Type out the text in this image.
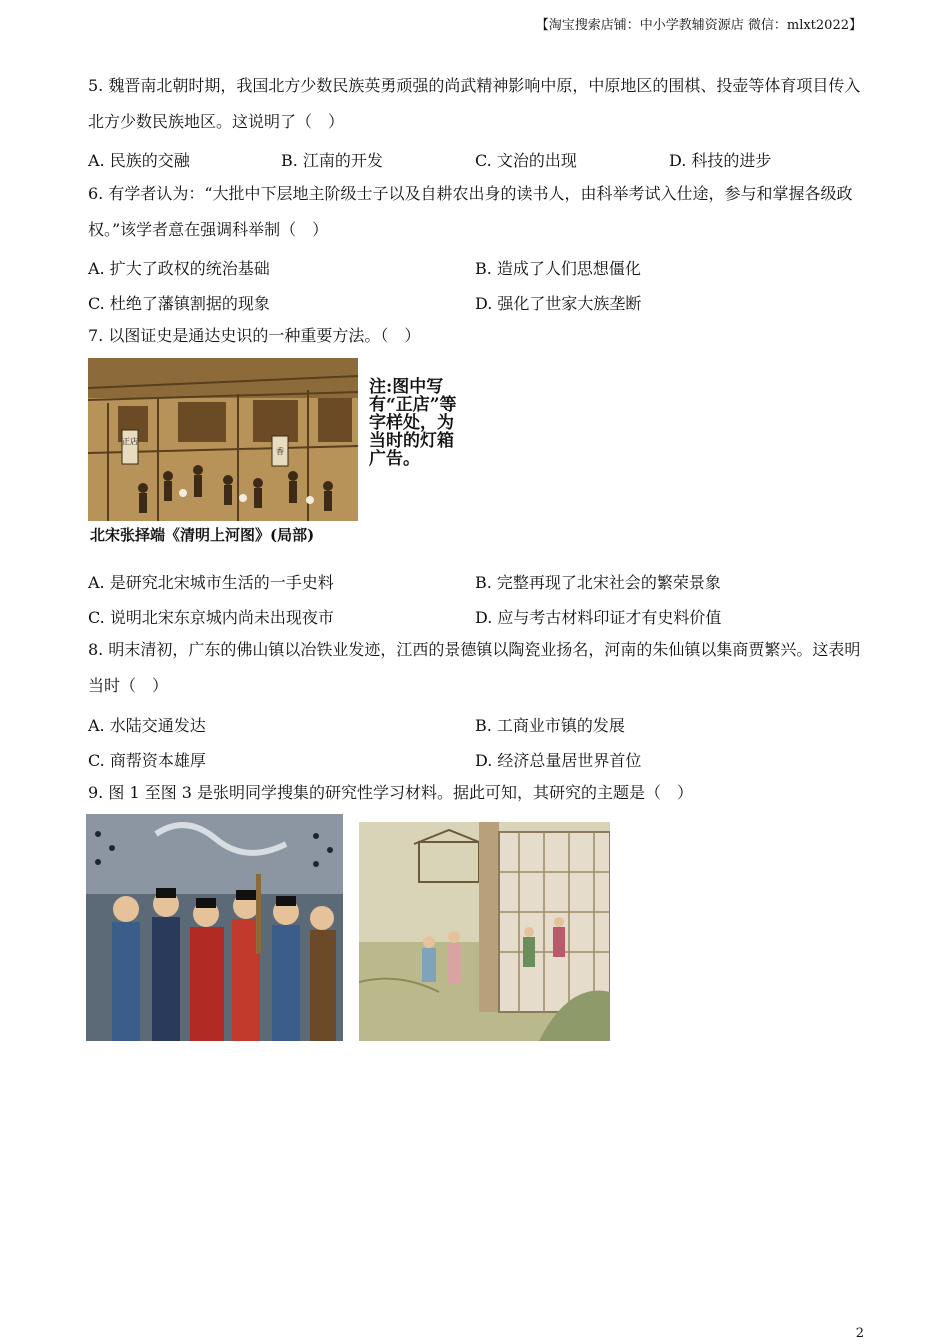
【淘宝搜索店铺：中小学教辅资源店 微信：mlxt2022】
5. 魏晋南北朝时期，我国北方少数民族英勇顽强的尚武精神影响中原，中原地区的围棋、投壶等体育项目传入北方少数民族地区。这说明了（　）
A. 民族的交融	B. 江南的开发	C. 文治的出现	D. 科技的进步
6. 有学者认为：“大批中下层地主阶级士子以及自耕农出身的读书人，由科举考试入仕途，参与和掌握各级政权。”该学者意在强调科举制（　）
A. 扩大了政权的统治基础	B. 造成了人们思想僵化
C. 杜绝了藩镇割据的现象	D. 强化了世家大族垄断
7. 以图证史是通达史识的一种重要方法。（　）
正店
香
注:图中写有“正店”等字样处，为当时的灯箱广告。
北宋张择端《清明上河图》(局部)
A. 是研究北宋城市生活的一手史料	B. 完整再现了北宋社会的繁荣景象
C. 说明北宋东京城内尚未出现夜市	D. 应与考古材料印证才有史料价值
8. 明末清初，广东的佛山镇以冶铁业发迹，江西的景德镇以陶瓷业扬名，河南的朱仙镇以集商贾繁兴。这表明当时（　）
A. 水陆交通发达	B. 工商业市镇的发展
C. 商帮资本雄厚	D. 经济总量居世界首位
9. 图 1 至图 3 是张明同学搜集的研究性学习材料。据此可知，其研究的主题是（　）
2
